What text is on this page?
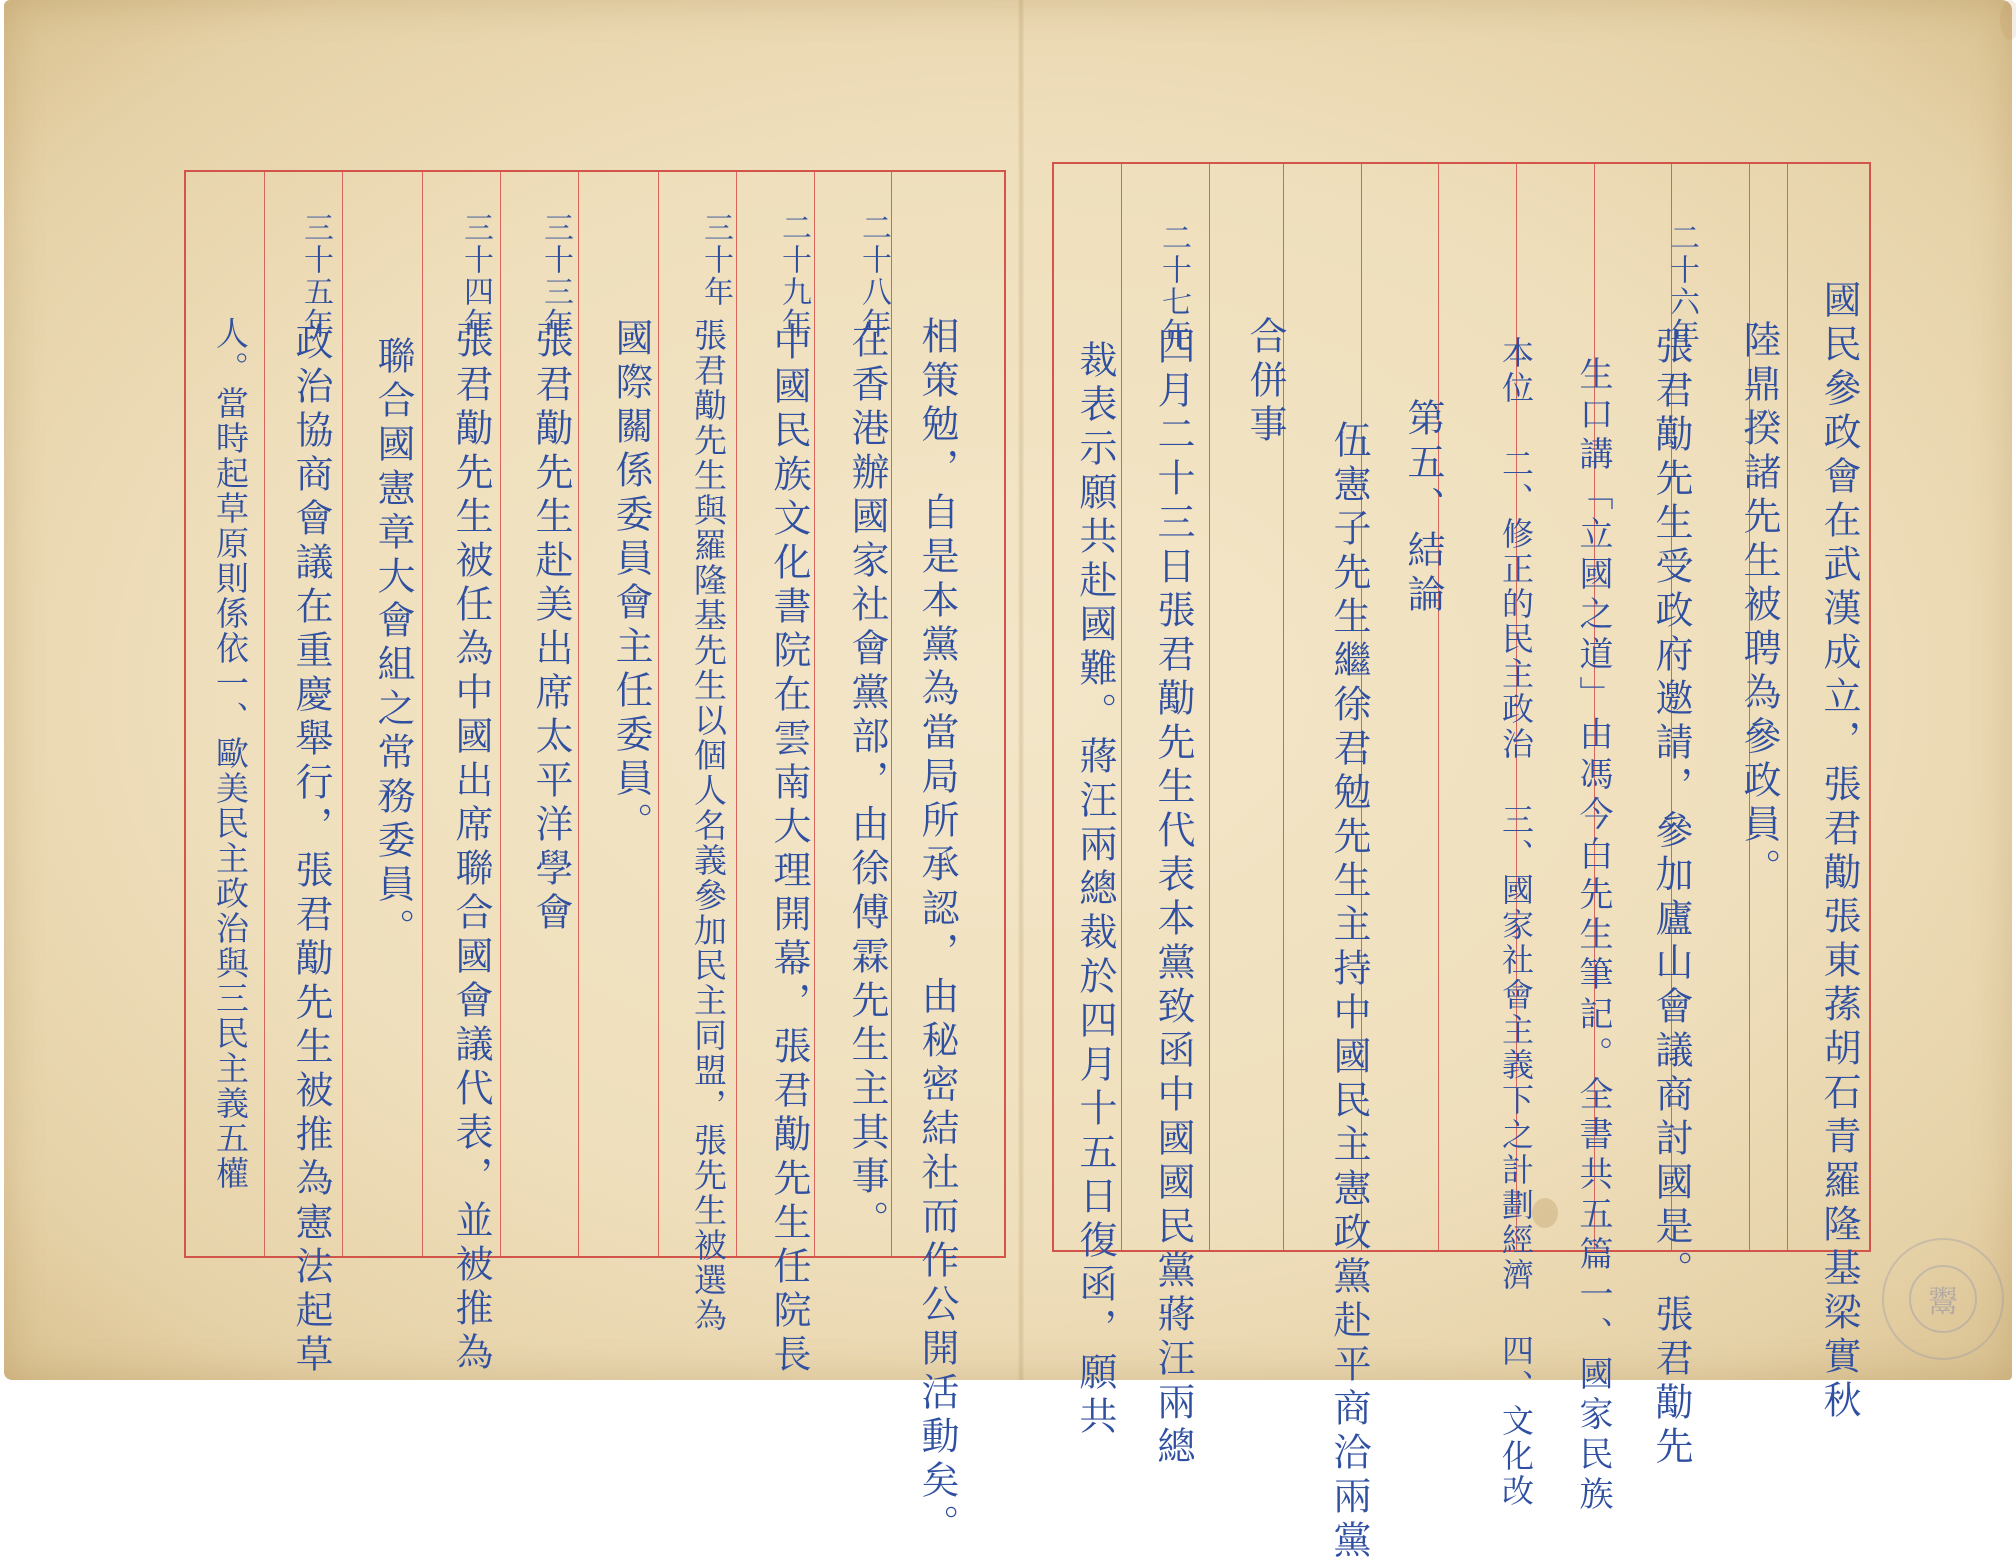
國民參政會在武漢成立，張君勱張東蓀胡石青羅隆基梁實秋
陸鼎揆諸先生被聘為參政員。
二十六年
張君勱先生受政府邀請，參加廬山會議商討國是。張君勱先
生口講「立國之道」由馮今白先生筆記。全書共五篇一、國家民族
本位 二、修正的民主政治 三、國家社會主義下之計劃經濟 四、文化改
第五、結論
伍憲子先生繼徐君勉先生主持中國民主憲政黨赴平商洽兩黨
合併事
二十七年
四月二十三日張君勱先生代表本黨致函中國國民黨蔣汪兩總
裁表示願共赴國難。蔣汪兩總裁於四月十五日復函，願共
相策勉，自是本黨為當局所承認，由秘密結社而作公開活動矣。
二十八年
在香港辦國家社會黨部，由徐傅霖先生主其事。
二十九年
中國民族文化書院在雲南大理開幕，張君勱先生任院長
三十年
張君勱先生與羅隆基先生以個人名義參加民主同盟，張先生被選為
國際關係委員會主任委員。
三十三年
張君勱先生赴美出席太平洋學會
三十四年
張君勱先生被任為中國出席聯合國會議代表，並被推為
聯合國憲章大會組之常務委員。
三十五年
政治協商會議在重慶舉行，張君勱先生被推為憲法起草
人。當時起草原則係依一、歐美民主政治與三民主義五權
鬻
